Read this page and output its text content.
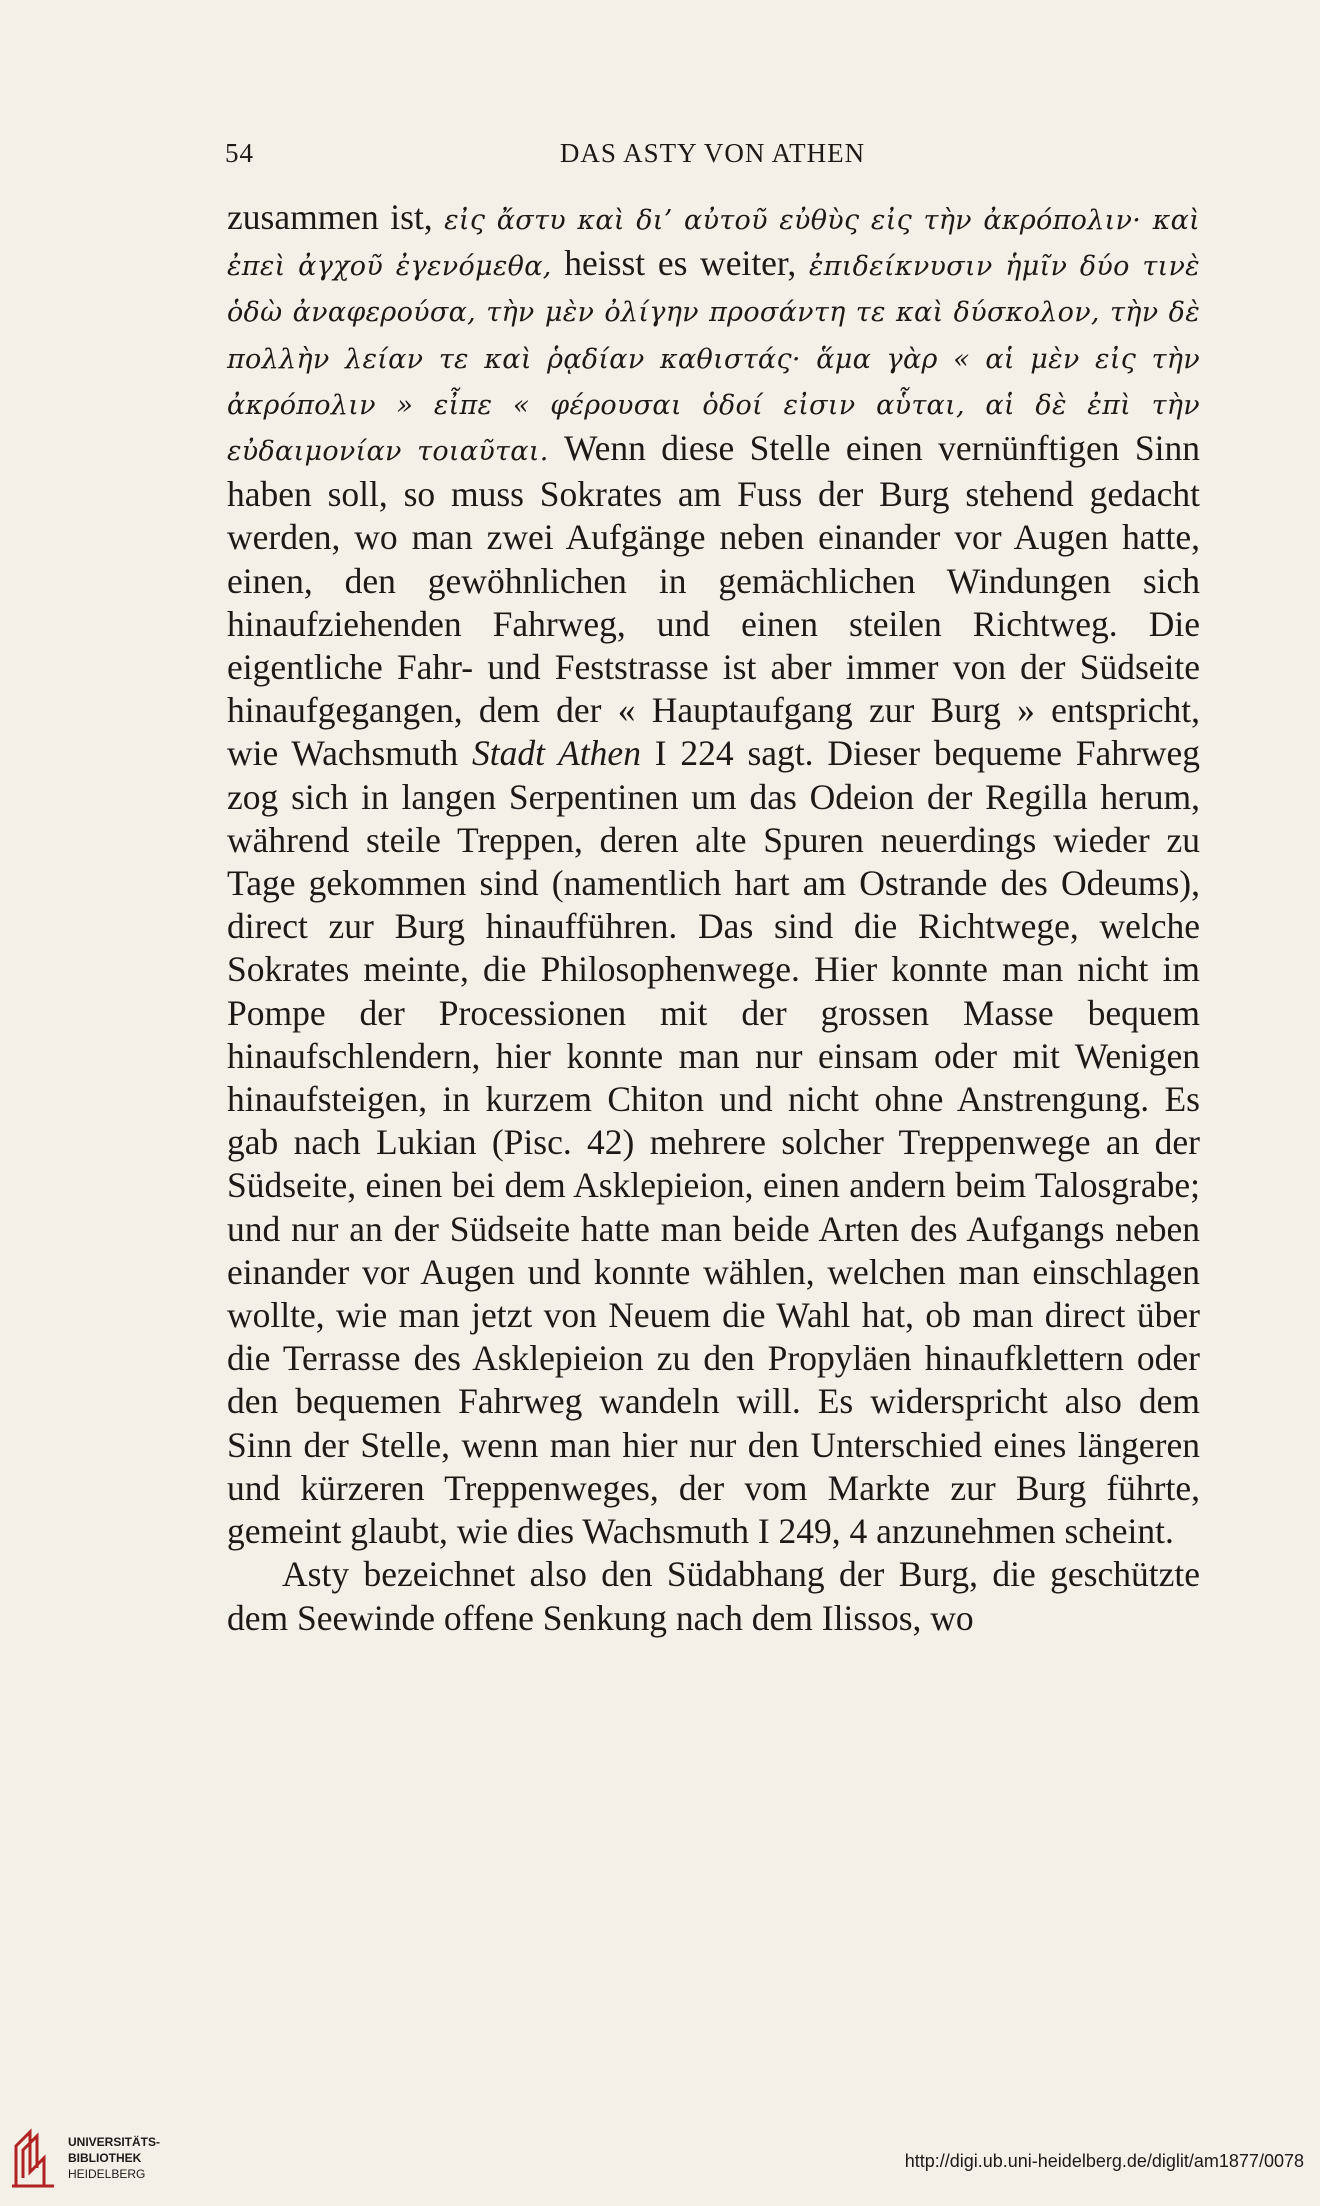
54	DAS ASTY VON ATHEN

zusammen ist, εἰς ἄστυ καὶ δι’ αὐτοῦ εὐθὺς εἰς τὴν ἀκρόπολιν· καὶ ἐπεὶ ἀγχοῦ ἐγενόμεθα, heisst es weiter, ἐπιδείκνυσιν ἡμῖν δύο τινὲ ὁδὼ ἀναφερούσα, τὴν μὲν ὀλίγην προσάντη τε καὶ δύσκολον, τὴν δὲ πολλὴν λείαν τε καὶ ῥᾳδίαν καθιστάς· ἅμα γὰρ « αἱ μὲν εἰς τὴν ἀκρόπολιν » εἶπε « φέρουσαι ὁδοί εἰσιν αὗται, αἱ δὲ ἐπὶ τὴν εὐδαιμονίαν τοιαῦται. Wenn diese Stelle einen vernünftigen Sinn haben soll, so muss Sokrates am Fuss der Burg stehend gedacht werden, wo man zwei Aufgänge neben einander vor Augen hatte, einen, den gewöhnlichen in gemächlichen Windungen sich hinaufziehenden Fahrweg, und einen steilen Richtweg. Die eigentliche Fahr- und Feststrasse ist aber immer von der Südseite hinaufgegangen, dem der « Hauptaufgang zur Burg » entspricht, wie Wachsmuth Stadt Athen I 224 sagt. Dieser bequeme Fahrweg zog sich in langen Serpentinen um das Odeion der Regilla herum, während steile Treppen, deren alte Spuren neuerdings wieder zu Tage gekommen sind (namentlich hart am Ostrande des Odeums), direct zur Burg hinaufführen. Das sind die Richtwege, welche Sokrates meinte, die Philosophenwege. Hier konnte man nicht im Pompe der Processionen mit der grossen Masse bequem hinaufschlendern, hier konnte man nur einsam oder mit Wenigen hinaufsteigen, in kurzem Chiton und nicht ohne Anstrengung. Es gab nach Lukian (Pisc. 42) mehrere solcher Treppenwege an der Südseite, einen bei dem Asklepieion, einen andern beim Talosgrabe; und nur an der Südseite hatte man beide Arten des Aufgangs neben einander vor Augen und konnte wählen, welchen man einschlagen wollte, wie man jetzt von Neuem die Wahl hat, ob man direct über die Terrasse des Asklepieion zu den Propyläen hinaufklettern oder den bequemen Fahrweg wandeln will. Es widerspricht also dem Sinn der Stelle, wenn man hier nur den Unterschied eines längeren und kürzeren Treppenweges, der vom Markte zur Burg führte, gemeint glaubt, wie dies Wachsmuth I 249, 4 anzunehmen scheint.

Asty bezeichnet also den Südabhang der Burg, die geschützte dem Seewinde offene Senkung nach dem Ilissos, wo

UNIVERSITÄTS-
BIBLIOTHEK
HEIDELBERG
http://digi.ub.uni-heidelberg.de/diglit/am1877/0078
